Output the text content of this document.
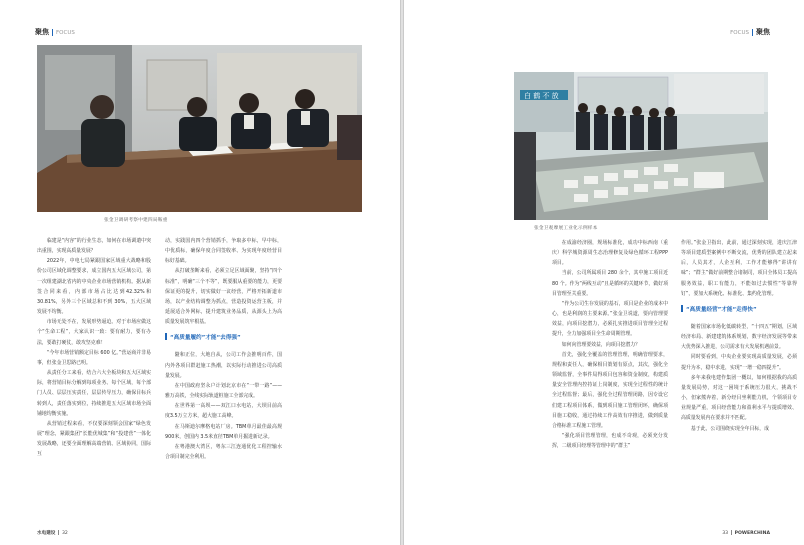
聚焦 FOCUS
张金卫调研考察中建四局鞍重

临建是“内容”的行业生态，如何在市场调遣中突出重围，实现高质量发展？

2022年，中电七局紧跟国家区域重大战略和股份公司区域化调整要求，成立国内五大区域公司，第一次组建湖北省内的中央企业市场营销机构。据从新签合同来看，内部市场占比达到42.32%和 30.81%，另外三个区域总和不到 30%，五大区域发展不均衡。

市场无处不在，发展形势逼迫。对于市场应做这个“生命工程”，大家认识一致：要有耐力，要有办法，要敢打硬仗，敢攻坚克难！

“今年市场营销额定目标 600 亿。”营运商并非易事，但张金卫思路已明。

从责任分工来看，结合六大全板块和五大区域实际，将营销目标分解到每项业务、每个区域，每个部门人员、层层压实责任，层层传导压力，确保目标兵转到人，责任落实到位，持续推进五大区域市场全面铺地均衡实施。

从营销过程来看，不仅要深刻领会国家“绿色发展”理念，紧跟集团“长能优城集”和“投建营”一体化发展战略，还要全面理解高端营销、区域协同，国际互

动，实践国内四个营销抓手，争取多中标，早中标，中优质标，确保年度合同签收率、为实现年度经营目标好基础。

从打破垄断来看，必须立足区域面聚，坚持“四个标准”，明确“三个不等”，既要服从重要的能力，更要保证更的提升，切实做好一议经营，严格开拓新道市场，以产业结构调整为抓点，营造投资运营主板，并延展适合外网标，提升建筑业务品质，从源头上为高质量发展筑牢根基。

“高质量履约”才能“去得强”

隨和正位，大地自从，公司工作会推明百件，国内外各项目群赶施工热潮，以实际行动推进公司高质量发展。

在中国政府坚永户计划北京市在“一带一路”——雅万高铁，全线实际轨道桩施工全部完成。

在世界第一高坝——双江口水电站，大坝目前高度3.5万立方米，超大施工高峰。

在马斯迪尔摩格电站厂房。TBM单月最佳最高规900米，创国内 3.5米直径TBM单月掘进新记录。

在粤港澳大湾区，粤东三江连通优化工程控输水合项目制完全利用。

水电建设 32
FOCUS 聚焦
白 鹤 不 放
张金卫观摩展工业化示例样本

在成渝经济圈，规场标准化，成功中标西南（重庆）科学城资源周生态治理修复及绿色循环工程PPP项目。

当前，公司所属项目 280 余个，其中施工项目近 80 个。作为“两线互动”且是循环的关键环节，做好项目管理至关重要。

“作为公司生存发展的基石，项目是企业的成本中心，也是利润的主要来源。”张金卫说道，要向管理要效益，向项目挖潜力，必须扎实推进项目管理全过程提升，全力加强项目全生命周期管理。

如何向管理要效益，向项目挖潜力？

首先，强化全覆盖的管理管理，明确管理要求，规程和责任人，确保相目策划有原点，其次，强化全领域监督，全事件局得项目包容和资金制度，构建质量安全管理内控持证上岗制度，实现全过程性的统计全过程监督；最后，强化全过程管理闭路，因专设它们建工程项目体系，做到项目施工管理闭环，确保项目施工稳收，通过持续工作高效有序推进，做到质量合格标准工程施工管理。

“强化项目管理管理，也成不奇观，必须充分发挥，二级项目经理等管理中的“群主”

作用。”张金卫指出，此前，通过深刻实现，进庆江津等项目建质型案例中不断交流，优秀的团队建立起来后，人员其才，人企互利，工作才能够得“讲讲有味”；“群主”做好前期整合诸制司，项目全体员工提高服务效益，职工有能力，不能如过去惯性“等靠得钉”，要加大系统化、标准化、集约化管理。

“高质量经营”才能“走得快”

随着国家市场化低碳转型，“十四五”期划，区域经济布局、新建建筑体系规划，数字经济发展等带来大优势深入推进，公司需求有大发展机遇前景。

同时要看到，中央企业要实现高质量发展，必须提升为本，稳中求进，实现“一增一稳四提升”。

多年来我电建作集团一概以，如何根据我的高质量发展局势，对这一困境于系统压力很大，挑战不小，但家熊奔着，新分经目坐利能力机，个领项目专业规量严重，项目经营能力和盈利水平与提质增效、高质量发展内在要求并不匹配。

基于此，公司围绕实现全年目标，成

33 POWERCHINA
